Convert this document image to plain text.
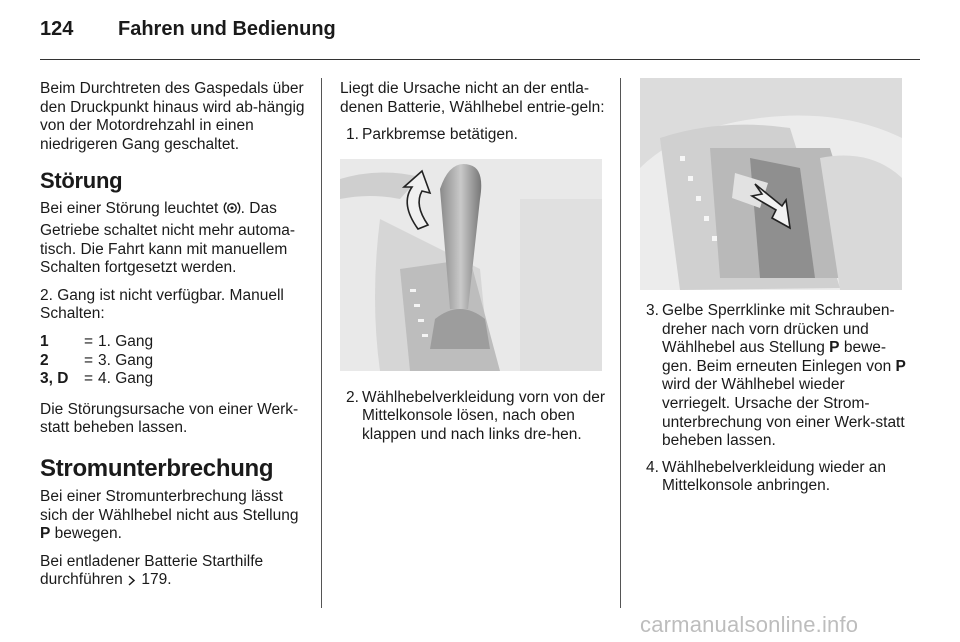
124 Fahren und Bedienung

Beim Durchtreten des Gaspedals über den Druckpunkt hinaus wird ab-hängig von der Motordrehzahl in einen niedrigeren Gang geschaltet.

Störung

Bei einer Störung leuchtet . Das Getriebe schaltet nicht mehr automa-tisch. Die Fahrt kann mit manuellem Schalten fortgesetzt werden.

2. Gang ist nicht verfügbar. Manuell Schalten:

1	= 1. Gang
2	= 3. Gang
3, D	= 4. Gang

Die Störungsursache von einer Werk-statt beheben lassen.

Stromunterbrechung

Bei einer Stromunterbrechung lässt sich der Wählhebel nicht aus Stellung P bewegen.

Bei entladener Batterie Starthilfe durchführen  179.

Liegt die Ursache nicht an der entla-denen Batterie, Wählhebel entrie-geln:

1. Parkbremse betätigen.
2. Wählhebelverkleidung vorn von der Mittelkonsole lösen, nach oben klappen und nach links dre-hen.
3. Gelbe Sperrklinke mit Schrauben-dreher nach vorn drücken und Wählhebel aus Stellung P bewe-gen. Beim erneuten Einlegen von P wird der Wählhebel wieder verriegelt. Ursache der Strom-unterbrechung von einer Werk-statt beheben lassen.
4. Wählhebelverkleidung wieder an Mittelkonsole anbringen.
carmanualsonline.info
